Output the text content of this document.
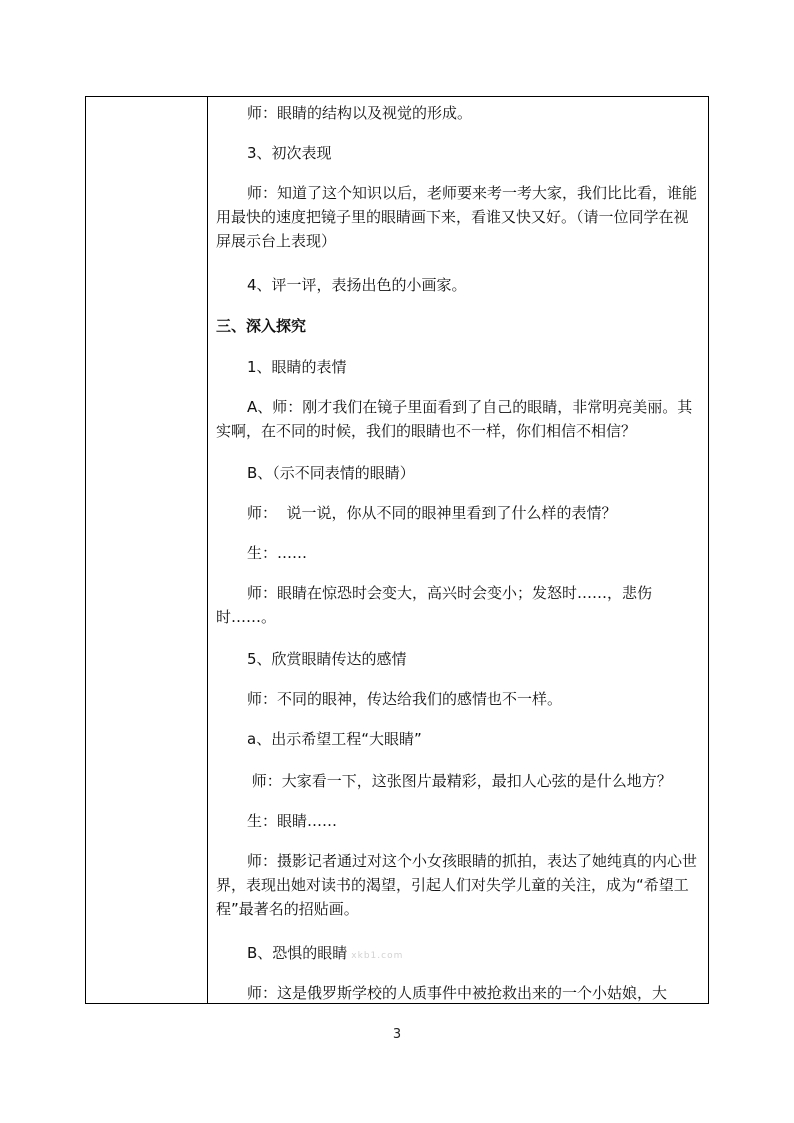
师：眼睛的结构以及视觉的形成。

3、初次表现

师：知道了这个知识以后，老师要来考一考大家，我们比比看，谁能用最快的速度把镜子里的眼睛画下来，看谁又快又好。（请一位同学在视屏展示台上表现）

4、评一评，表扬出色的小画家。

三、深入探究

1、眼睛的表情

A、师：刚才我们在镜子里面看到了自己的眼睛，非常明亮美丽。其实啊，在不同的时候，我们的眼睛也不一样，你们相信不相信？

B、（示不同表情的眼睛）

师：  说一说，你从不同的眼神里看到了什么样的表情？

生：……

师：眼睛在惊恐时会变大，高兴时会变小；发怒时……，悲伤时……。

5、欣赏眼睛传达的感情

师：不同的眼神，传达给我们的感情也不一样。

a、出示希望工程“大眼睛”

师：大家看一下，这张图片最精彩，最扣人心弦的是什么地方？

生：眼睛……

师：摄影记者通过对这个小女孩眼睛的抓拍，表达了她纯真的内心世界，表现出她对读书的渴望，引起人们对失学儿童的关注，成为“希望工程”最著名的招贴画。

B、恐惧的眼睛 xkb1.com

师：这是俄罗斯学校的人质事件中被抢救出来的一个小姑娘，大

3
